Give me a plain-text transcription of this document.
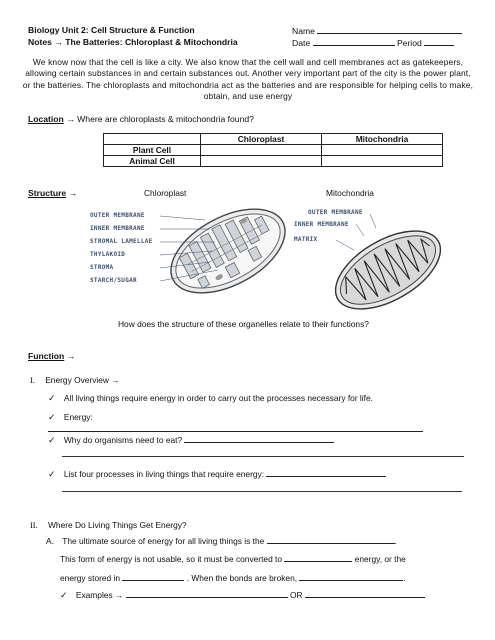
Biology Unit 2: Cell Structure & Function
Notes → The Batteries: Chloroplast & Mitochondria
Name
Date	Period
We know now that the cell is like a city. We also know that the cell wall and cell membranes act as gatekeepers, allowing certain substances in and certain substances out. Another very important part of the city is the power plant, or the batteries. The chloroplasts and mitochondria act as the batteries and are responsible for helping cells to make, obtain, and use energy
Location → Where are chloroplasts & mitochondria found?
	Chloroplast	Mitochondria
Plant Cell		
Animal Cell		
Structure →	Chloroplast	Mitochondria
OUTER MEMBRANE
INNER MEMBRANE
STROMAL LAMELLAE
THYLAKOID
STROMA
STARCH/SUGAR
OUTER MEMBRANE
INNER MEMBRANE
MATRIX
How does the structure of these organelles relate to their functions?
Function →
I. Energy Overview →
✓ All living things require energy in order to carry out the processes necessary for life.
✓ Energy:
✓ Why do organisms need to eat?
✓ List four processes in living things that require energy:
II. Where Do Living Things Get Energy?
A. The ultimate source of energy for all living things is the	.
This form of energy is not usable, so it must be converted to	energy, or the
energy stored in	. When the bonds are broken,	.
✓ Examples →	OR
